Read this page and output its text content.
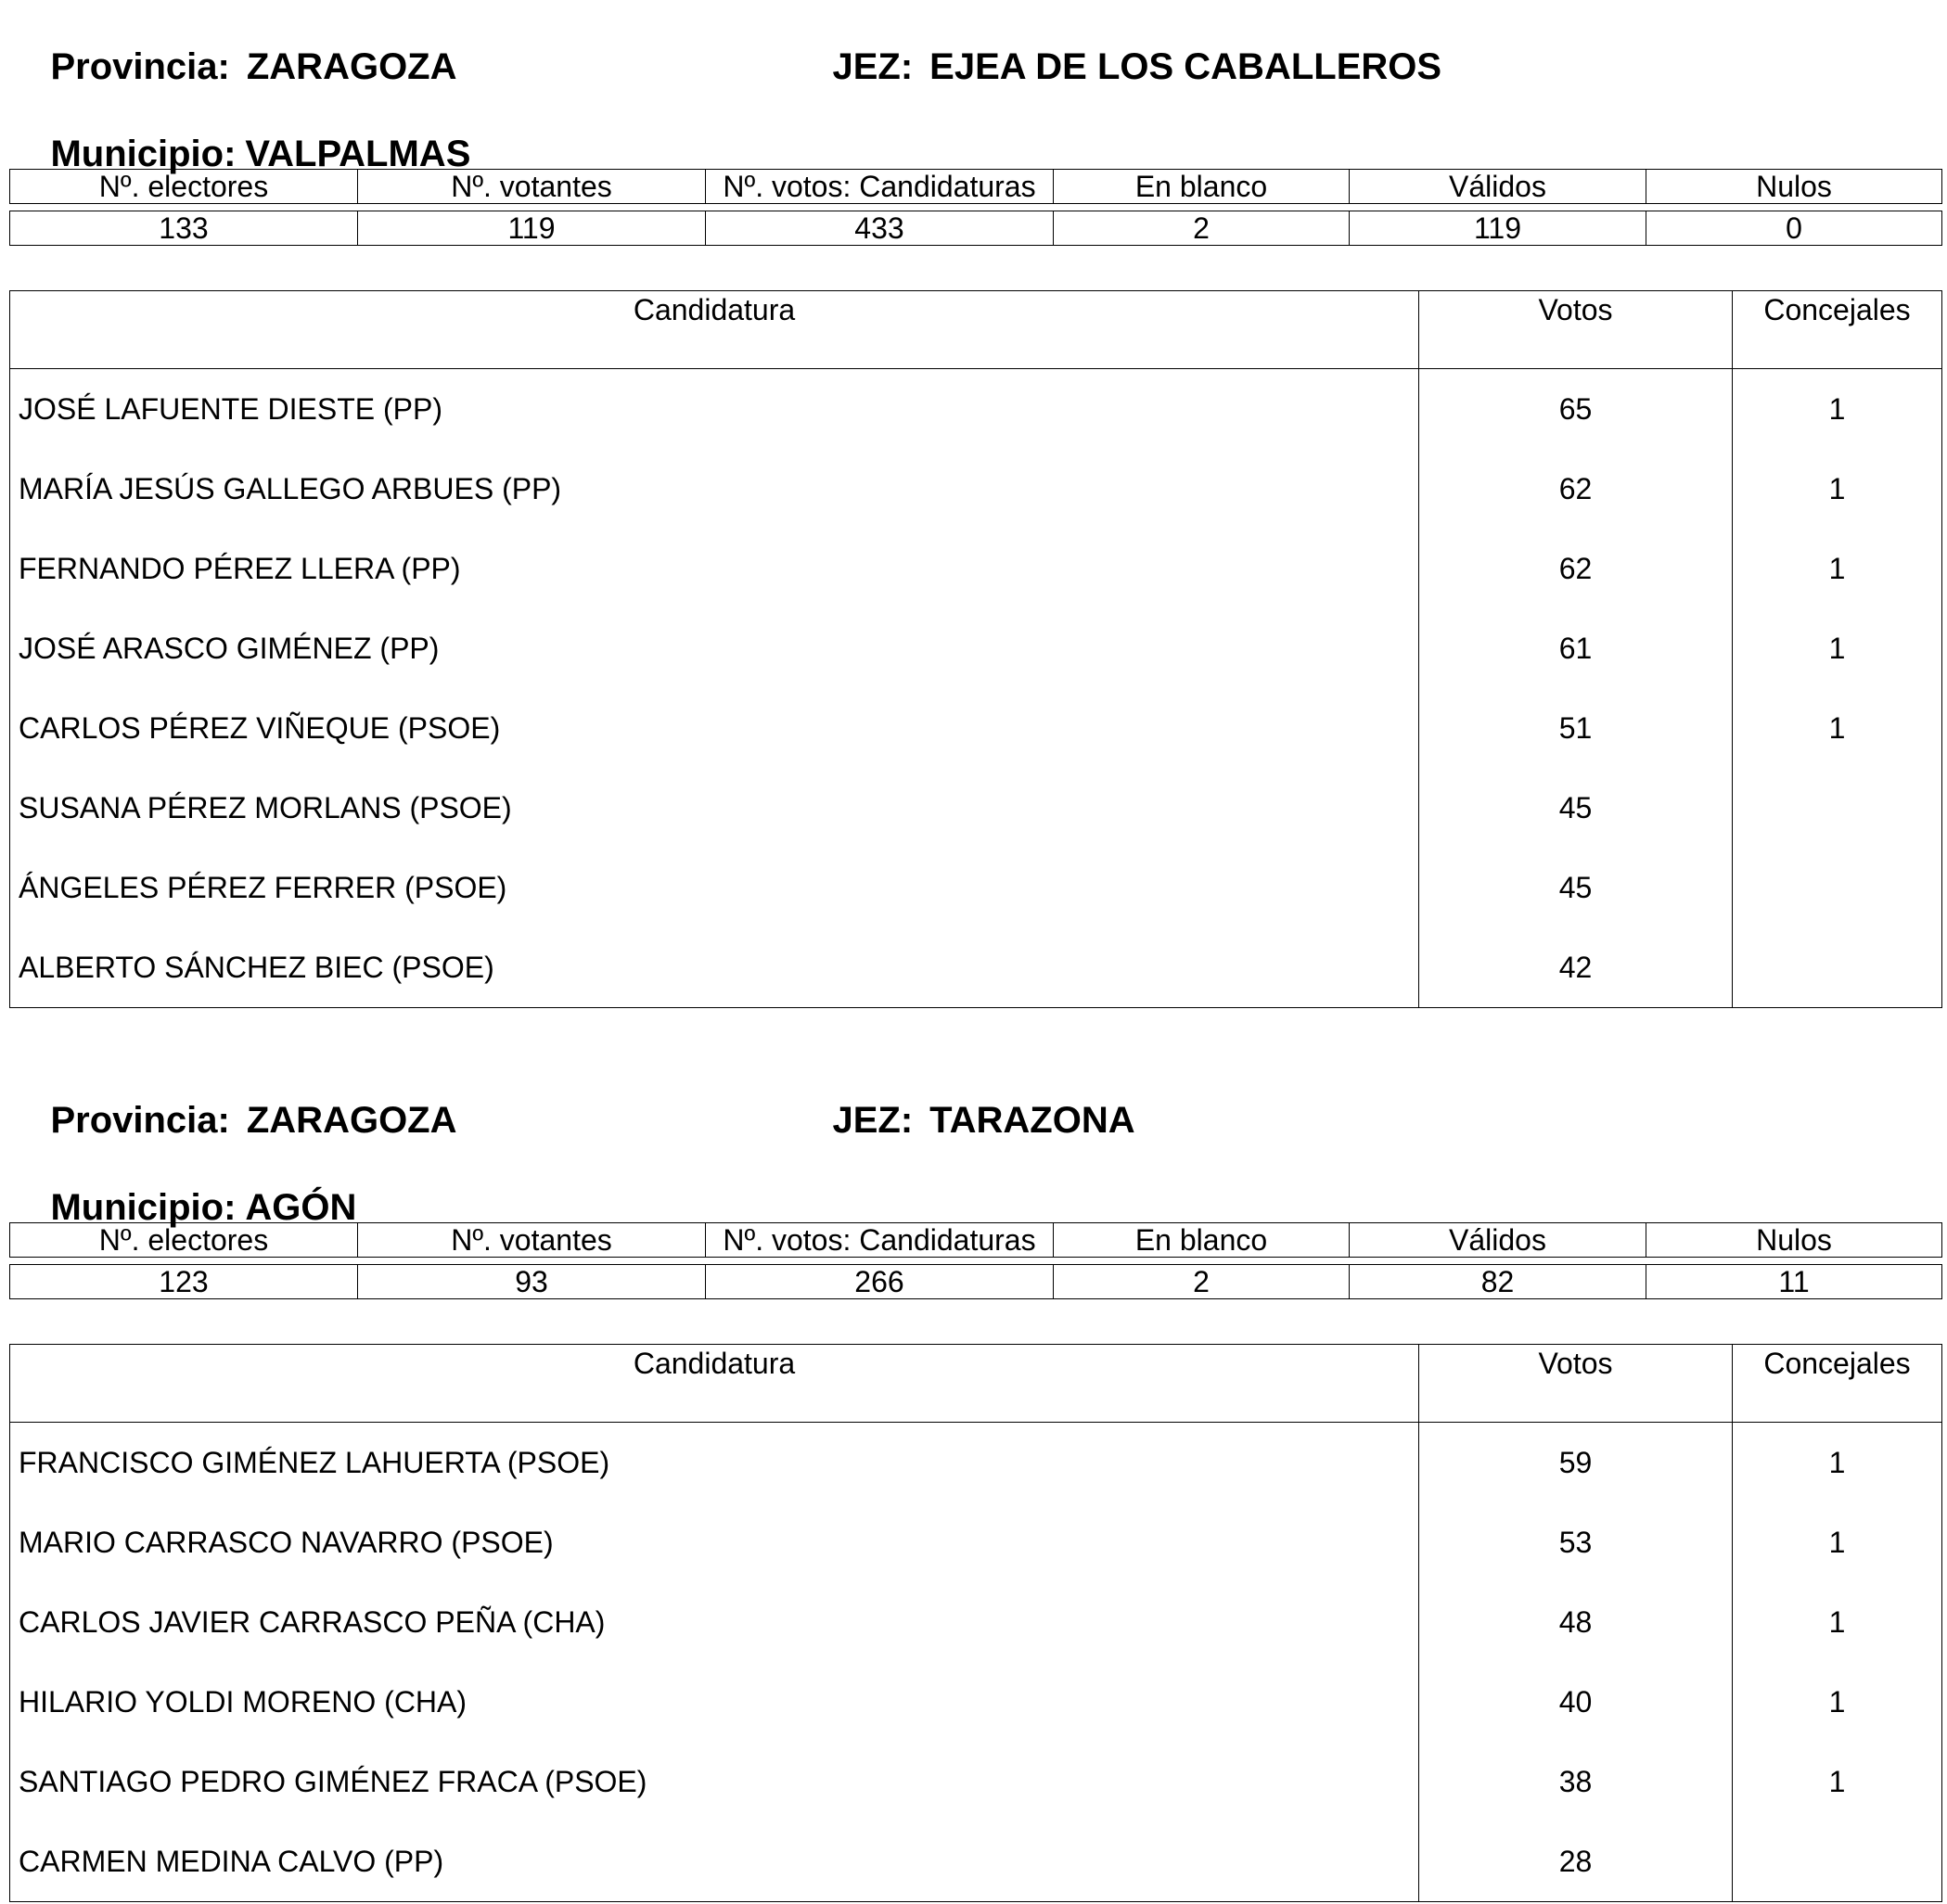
Provincia: ZARAGOZA
	JEZ: EJEA DE LOS CABALLEROS

Municipio: VALPALMAS

Nº. electores	Nº. votantes	Nº. votos: Candidaturas	En blanco	Válidos	Nulos

133	119	433	2	119	0
Candidatura	Votos	Concejales
JOSÉ LAFUENTE DIESTE (PP)	65	1
MARÍA JESÚS GALLEGO ARBUES (PP)	62	1
FERNANDO PÉREZ LLERA (PP)	62	1
JOSÉ ARASCO GIMÉNEZ (PP)	61	1
CARLOS PÉREZ VIÑEQUE (PSOE)	51	1
SUSANA PÉREZ MORLANS (PSOE)	45	
ÁNGELES PÉREZ FERRER (PSOE)	45	
ALBERTO SÁNCHEZ BIEC (PSOE)	42	

Provincia: ZARAGOZA
	JEZ: TARAZONA

Municipio: AGÓN

Nº. electores	Nº. votantes	Nº. votos: Candidaturas	En blanco	Válidos	Nulos

123	93	266	2	82	11
Candidatura	Votos	Concejales
FRANCISCO GIMÉNEZ LAHUERTA (PSOE)	59	1
MARIO CARRASCO NAVARRO (PSOE)	53	1
CARLOS JAVIER CARRASCO PEÑA (CHA)	48	1
HILARIO YOLDI MORENO (CHA)	40	1
SANTIAGO PEDRO GIMÉNEZ FRACA (PSOE)	38	1
CARMEN MEDINA CALVO (PP)	28	
